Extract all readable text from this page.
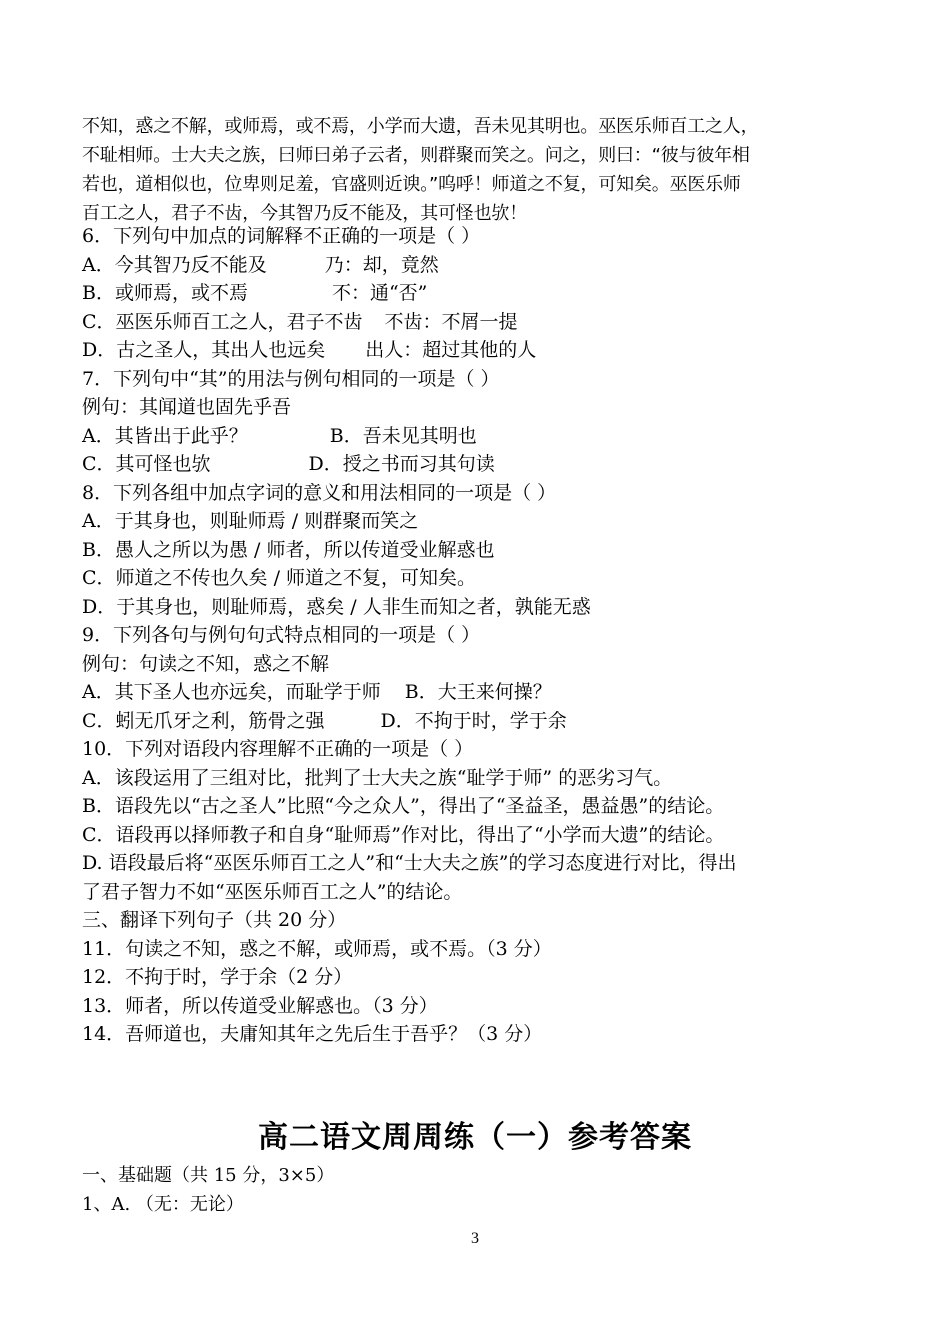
不知，惑之不解，或师焉，或不焉，小学而大遗，吾未见其明也。巫医乐师百工之人，
不耻相师。士大夫之族，曰师曰弟子云者，则群聚而笑之。问之，则曰：“彼与彼年相
若也，道相似也，位卑则足羞，官盛则近谀。”呜呼！师道之不复，可知矣。巫医乐师
百工之人，君子不齿，今其智乃反不能及，其可怪也欤！
6．下列句中加点的词解释不正确的一项是（ ）
A．今其智乃反不能及	乃：却，竟然
B．或师焉，或不焉	不：通“否”
C．巫医乐师百工之人，君子不齿 不齿：不屑一提
D．古之圣人，其出人也远矣 出人：超过其他的人
7．下列句中“其”的用法与例句相同的一项是（ ）
例句：其闻道也固先乎吾
A．其皆出于此乎？	B．吾未见其明也
C．其可怪也欤	D．授之书而习其句读
8．下列各组中加点字词的意义和用法相同的一项是（ ）
A．于其身也，则耻师焉 / 则群聚而笑之
B．愚人之所以为愚 / 师者，所以传道受业解惑也
C．师道之不传也久矣 / 师道之不复，可知矣。
D．于其身也，则耻师焉，惑矣 / 人非生而知之者，孰能无惑
9．下列各句与例句句式特点相同的一项是（ ）
例句：句读之不知，惑之不解
A．其下圣人也亦远矣，而耻学于师 B．大王来何操？
C．蚓无爪牙之利，筋骨之强	D．不拘于时，学于余
10．下列对语段内容理解不正确的一项是（ ）
A．该段运用了三组对比，批判了士大夫之族“耻学于师” 的恶劣习气。
B．语段先以“古之圣人”比照“今之众人”，得出了“圣益圣，愚益愚”的结论。
C．语段再以择师教子和自身“耻师焉”作对比，得出了“小学而大遗”的结论。
D. 语段最后将“巫医乐师百工之人”和“士大夫之族”的学习态度进行对比，得出
了君子智力不如“巫医乐师百工之人”的结论。
三、翻译下列句子（共 20 分）
11．句读之不知，惑之不解，或师焉，或不焉。（3 分）
12．不拘于时，学于余（2 分）
13．师者，所以传道受业解惑也。（3 分）
14．吾师道也，夫庸知其年之先后生于吾乎？（3 分）
高二语文周周练（一）参考答案
一、基础题（共 15 分，3×5）
1、A. （无：无论）
3
